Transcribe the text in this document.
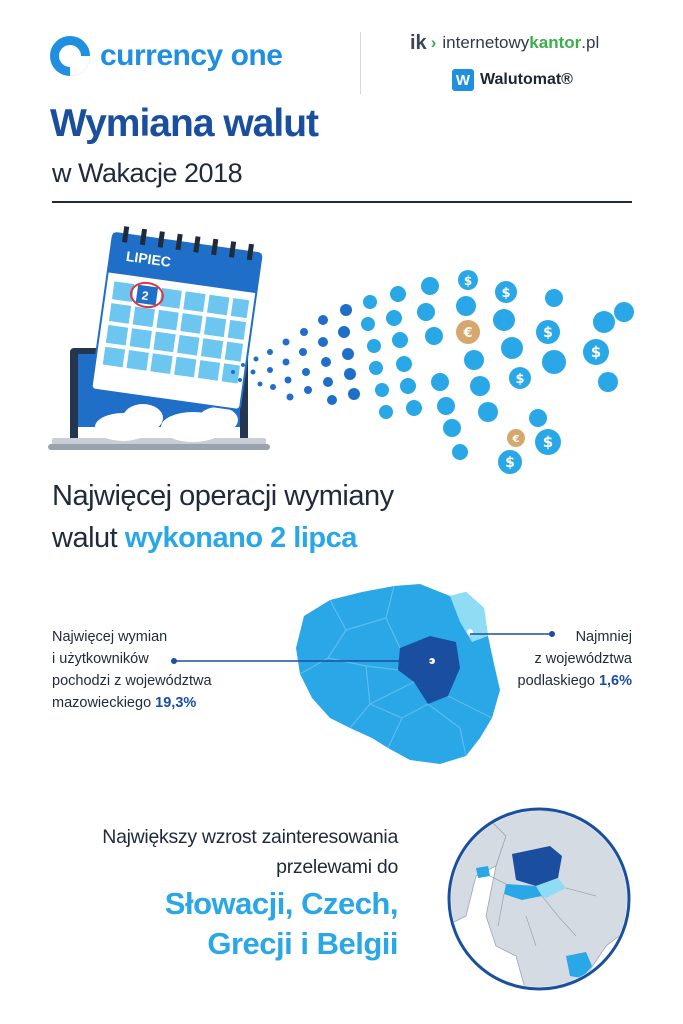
currency one	ik › internetowy kantor .pl
W Walutomat®
Wymiana walut
w Wakacje 2018
LIPIEC
2
€
€
$
$
$
$
$
$
$
Najwięcej operacji wymiany
walut wykonano 2 lipca
Najwięcej wymian
i użytkowników
pochodzi z województwa
mazowieckiego 19,3%
Najmniej
z województwa
podlaskiego 1,6%
Największy wzrost zainteresowania
przelewami do
Słowacji, Czech,
Grecji i Belgii
